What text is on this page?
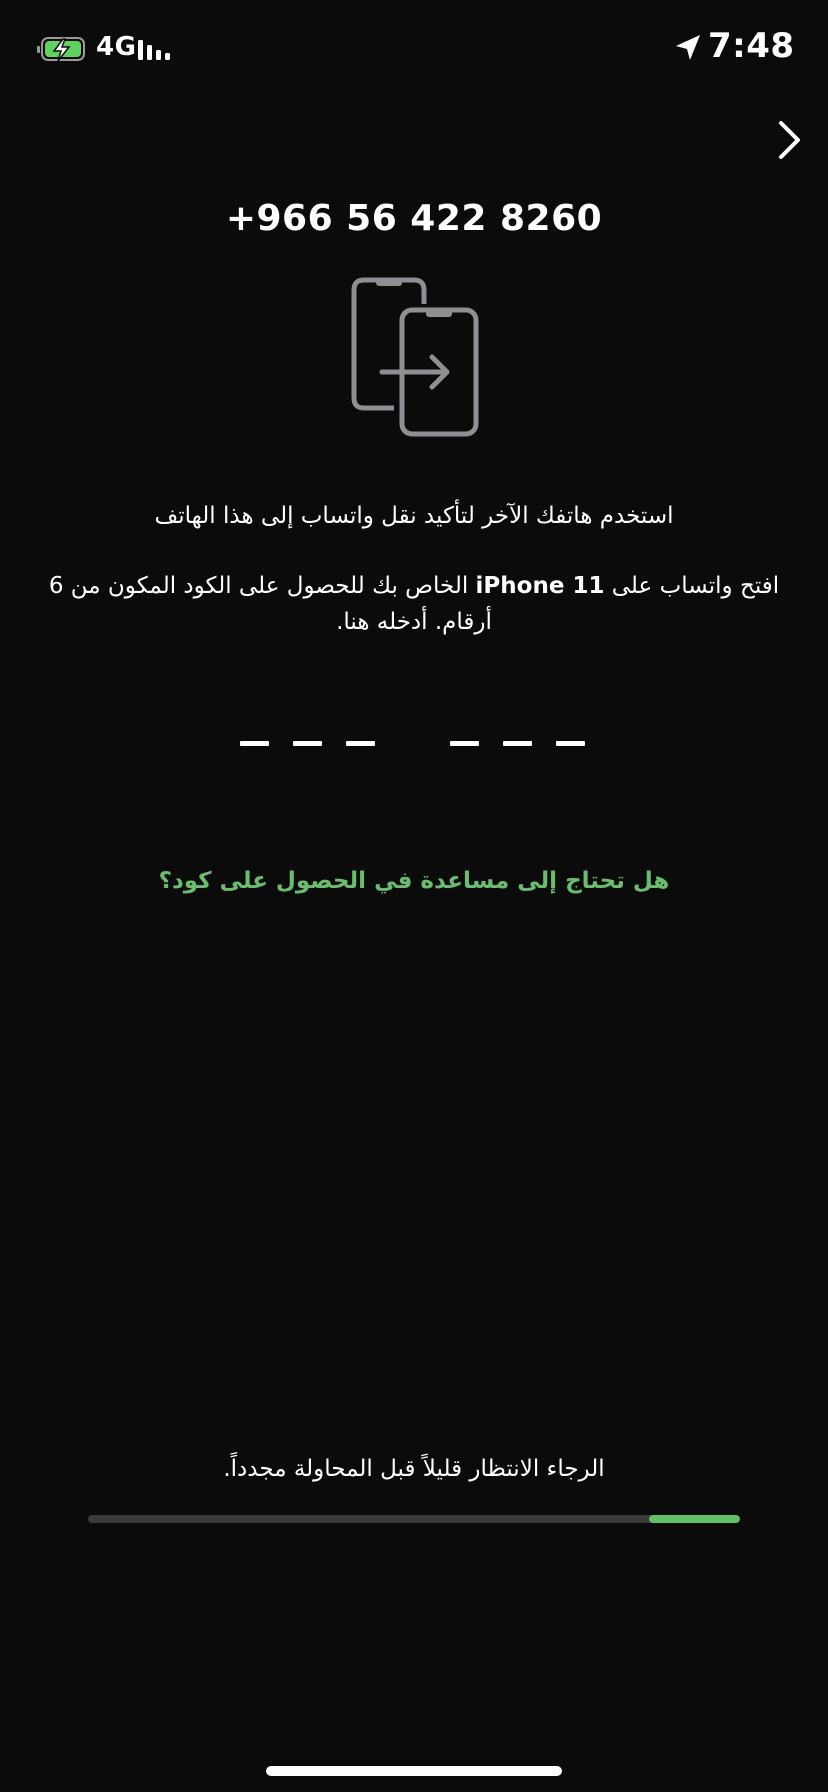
4G	7:48
+966 56 422 8260
استخدم هاتفك الآخر لتأكيد نقل واتساب إلى هذا الهاتف
افتح واتساب على iPhone 11 الخاص بك للحصول على الكود المكون من 6 أرقام. أدخله هنا.
هل تحتاج إلى مساعدة في الحصول على كود؟
الرجاء الانتظار قليلاً قبل المحاولة مجدداً.
